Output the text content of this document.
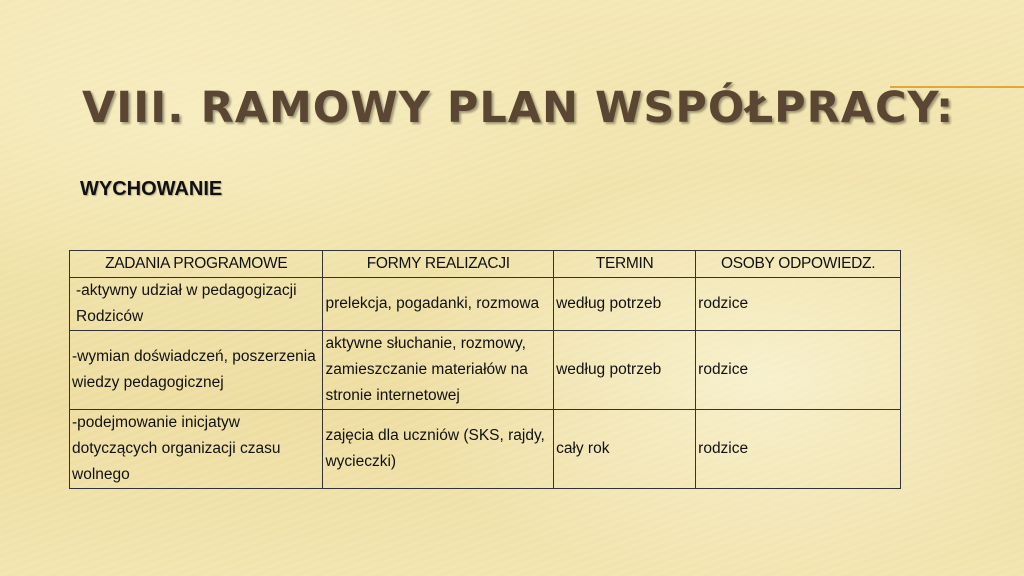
VIII. RAMOWY PLAN WSPÓŁPRACY:
WYCHOWANIE
ZADANIA PROGRAMOWE	FORMY REALIZACJI	TERMIN	OSOBY ODPOWIEDZ.
-aktywny udział w pedagogizacji Rodziców	prelekcja, pogadanki, rozmowa	według potrzeb	rodzice
-wymian doświadczeń, poszerzenia wiedzy pedagogicznej	aktywne słuchanie, rozmowy, zamieszczanie materiałów na stronie internetowej	według potrzeb	rodzice
-podejmowanie inicjatyw dotyczących organizacji czasu wolnego	zajęcia dla uczniów (SKS, rajdy, wycieczki)	cały rok	rodzice
